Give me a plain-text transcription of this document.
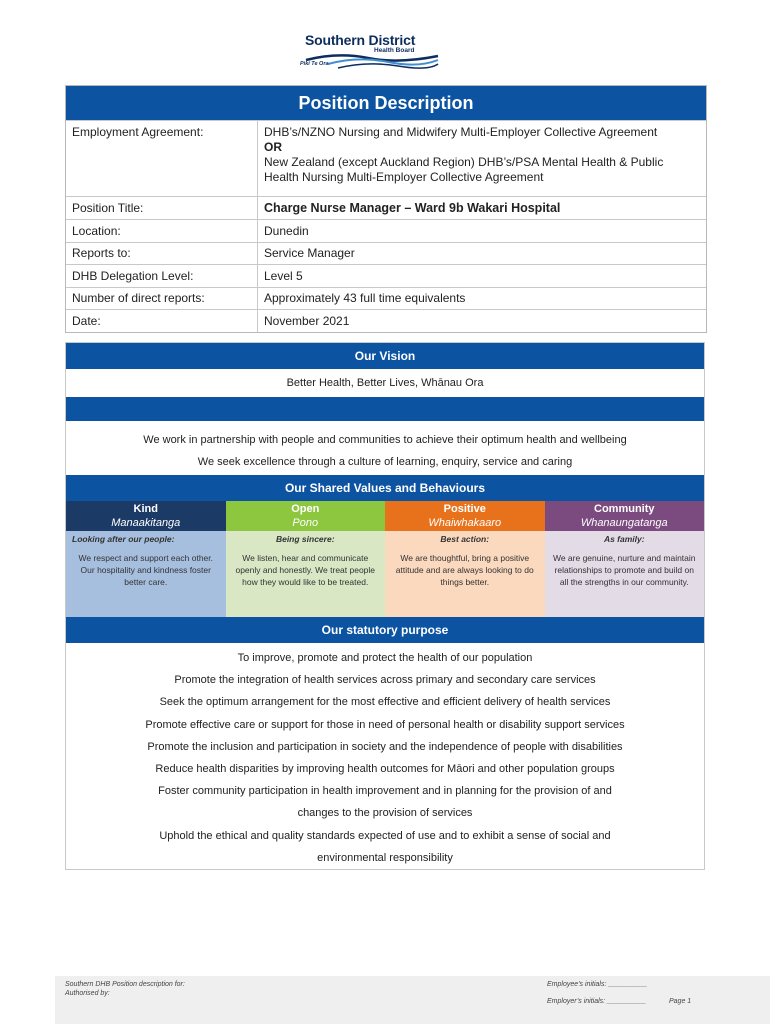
Southern District
Health Board
Piki Te Ora
Position Description
Employment Agreement:	DHB’s/NZNO Nursing and Midwifery Multi-Employer Collective Agreement
OR
New Zealand (except Auckland Region) DHB’s/PSA Mental Health & Public Health Nursing Multi-Employer Collective Agreement
Position Title:	Charge Nurse Manager – Ward 9b Wakari Hospital
Location:	Dunedin
Reports to:	Service Manager
DHB Delegation Level:	Level 5
Number of direct reports:	Approximately 43 full time equivalents
Date:	November 2021
Our Vision
Better Health, Better Lives, Whānau Ora
We work in partnership with people and communities to achieve their optimum health and wellbeing
We seek excellence through a culture of learning, enquiry, service and caring
Our Shared Values and Behaviours
Kind
Manaakitanga
Open
Pono
Positive
Whaiwhakaaro
Community
Whanaungatanga
Looking after our people:
We respect and support each other. Our hospitality and kindness foster better care.
Being sincere:
We listen, hear and communicate openly and honestly. We treat people how they would like to be treated.
Best action:
We are thoughtful, bring a positive attitude and are always looking to do things better.
As family:
We are genuine, nurture and maintain relationships to promote and build on all the strengths in our community.
Our statutory purpose
To improve, promote and protect the health of our population
Promote the integration of health services across primary and secondary care services
Seek the optimum arrangement for the most effective and efficient delivery of health services
Promote effective care or support for those in need of personal health or disability support services
Promote the inclusion and participation in society and the independence of people with disabilities
Reduce health disparities by improving health outcomes for Māori and other population groups
Foster community participation in health improvement and in planning for the provision of and
changes to the provision of services
Uphold the ethical and quality standards expected of use and to exhibit a sense of social and
environmental responsibility
Southern DHB Position description for:
Authorised by:
Employee’s initials: __________
Employer’s initials: __________	Page 1
